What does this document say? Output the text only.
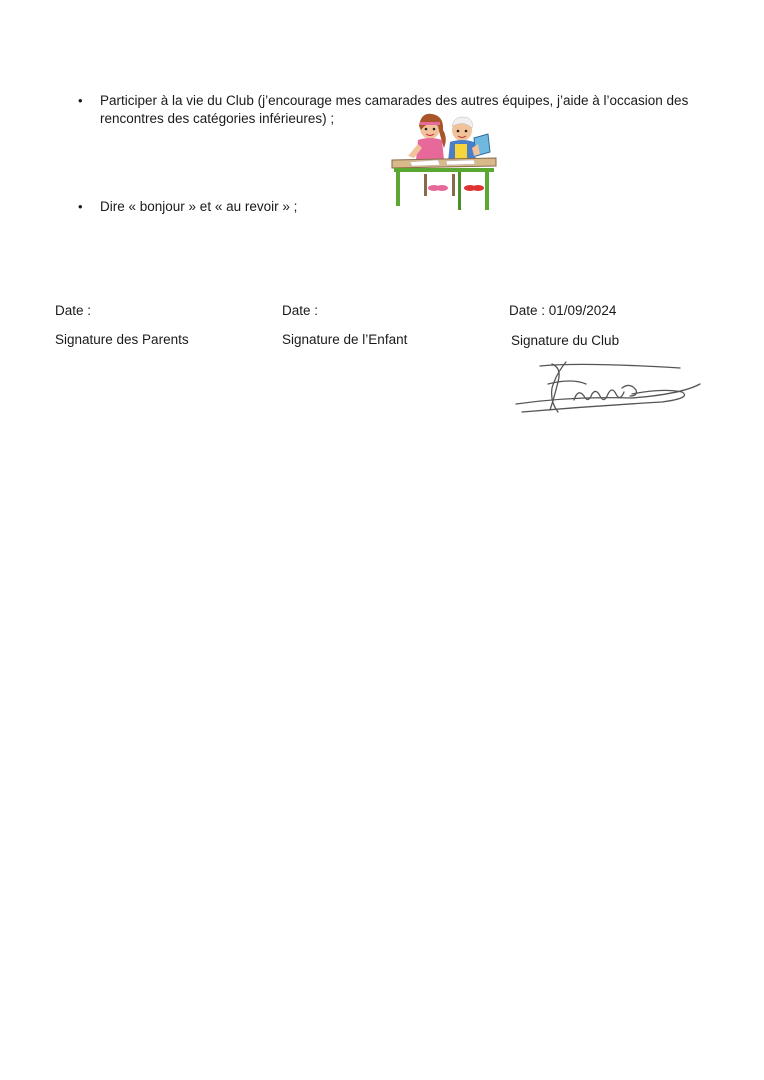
• Participer à la vie du Club (j’encourage mes camarades des autres équipes, j’aide à l’occasion des rencontres des catégories inférieures) ;
• Dire « bonjour » et « au revoir » ;
Date :
Signature des Parents
Date :
Signature de l’Enfant
Date : 01/09/2024
Signature du Club
